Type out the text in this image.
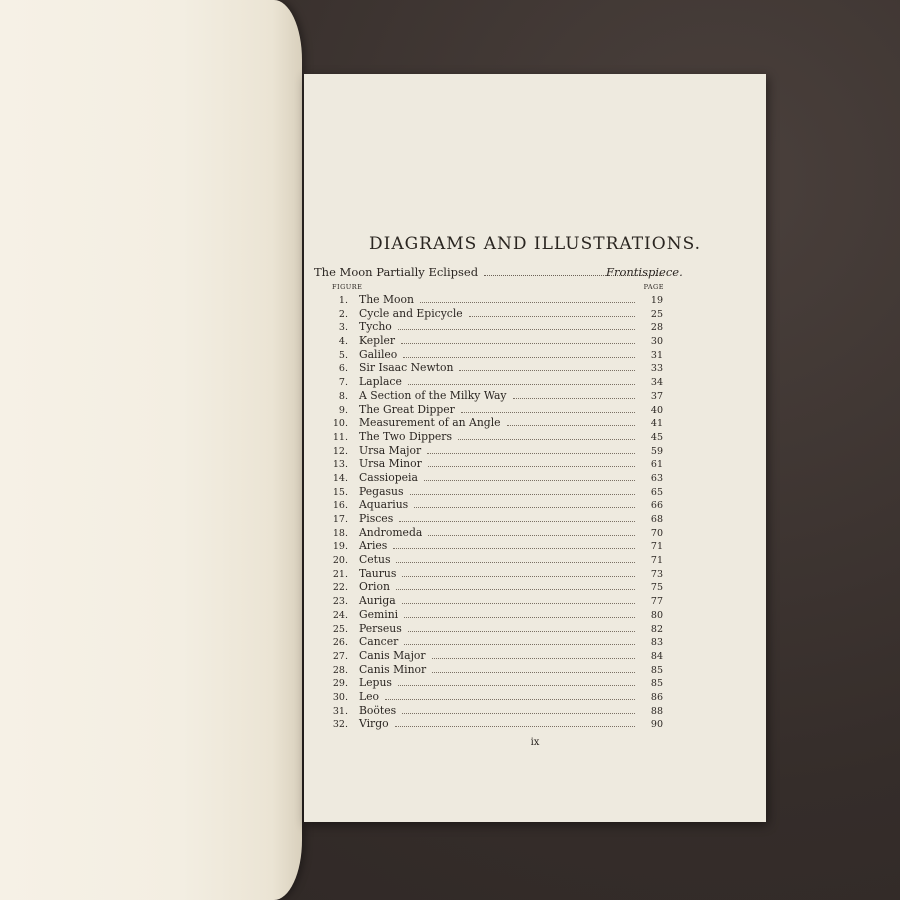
DIAGRAMS AND ILLUSTRATIONS.
The Moon Partially Eclipsed	Frontispiece.
FIGURE	PAGE
1.	The Moon	19
2.	Cycle and Epicycle	25
3.	Tycho	28
4.	Kepler	30
5.	Galileo	31
6.	Sir Isaac Newton	33
7.	Laplace	34
8.	A Section of the Milky Way	37
9.	The Great Dipper	40
10.	Measurement of an Angle	41
11.	The Two Dippers	45
12.	Ursa Major	59
13.	Ursa Minor	61
14.	Cassiopeia	63
15.	Pegasus	65
16.	Aquarius	66
17.	Pisces	68
18.	Andromeda	70
19.	Aries	71
20.	Cetus	71
21.	Taurus	73
22.	Orion	75
23.	Auriga	77
24.	Gemini	80
25.	Perseus	82
26.	Cancer	83
27.	Canis Major	84
28.	Canis Minor	85
29.	Lepus	85
30.	Leo	86
31.	Boötes	88
32.	Virgo	90
ix
